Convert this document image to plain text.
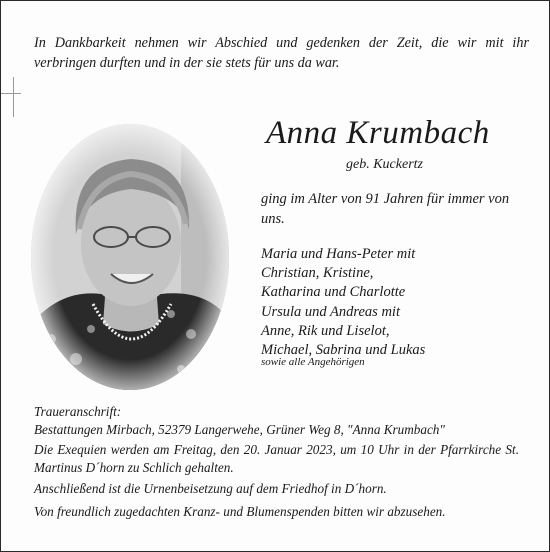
In Dankbarkeit nehmen wir Abschied und gedenken der Zeit, die wir mit ihr verbringen durften und in der sie stets für uns da war.
Anna Krumbach
geb. Kuckertz
ging im Alter von 91 Jahren für immer von uns.
Maria und Hans-Peter mit
Christian, Kristine,
Katharina und Charlotte
Ursula und Andreas mit
Anne, Rik und Liselot,
Michael, Sabrina und Lukas
sowie alle Angehörigen
Traueranschrift:
Bestattungen Mirbach, 52379 Langerwehe, Grüner Weg 8, "Anna Krumbach"
Die Exequien werden am Freitag, den 20. Januar 2023, um 10 Uhr in der Pfarrkirche St. Martinus D´horn zu Schlich gehalten.
Anschließend ist die Urnenbeisetzung auf dem Friedhof in D´horn.
Von freundlich zugedachten Kranz- und Blumenspenden bitten wir abzusehen.
